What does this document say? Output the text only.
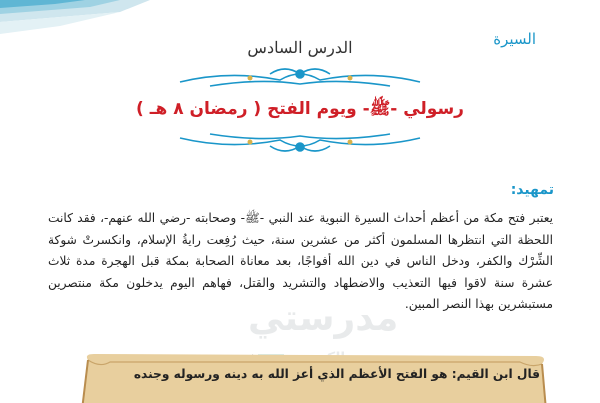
السيرة
الدرس السادس
رسولي -ﷺ- ويوم الفتح ( رمضان ٨ هـ )
تمهيد:
يعتبر فتح مكة من أعظم أحداث السيرة النبوية عند النبي -ﷺ- وصحابته -رضي الله عنهم-، فقد كانت اللحظة التي انتظرها المسلمون أكثر من عشرين سنة، حيث رُفِعت رايةُ الإسلام، وانكسرتْ شوكة الشِّرْك والكفر، ودخل الناس في دين الله أفواجًا، بعد معاناة الصحابة بمكة قبل الهجرة مدة ثلاث عشرة سنة لاقوا فيها التعذيب والاضطهاد والتشريد والقتل، فهاهم اليوم يدخلون مكة منتصرين مستبشرين بهذا النصر المبين.
مدرستي
قال ابن القيم: هو الفتح الأعظم الذي أعز الله به دينه ورسوله وجنده
